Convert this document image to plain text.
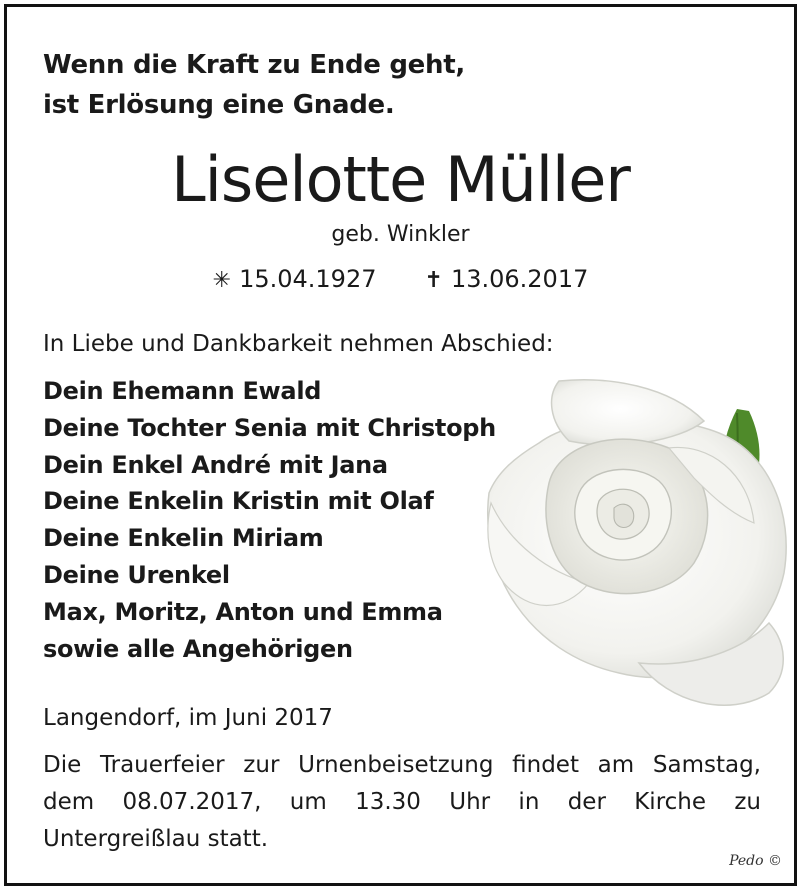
Wenn die Kraft zu Ende geht,
ist Erlösung eine Gnade.
Liselotte Müller
geb. Winkler
✳ 15.04.1927 ✝ 13.06.2017
In Liebe und Dankbarkeit nehmen Abschied:
Dein Ehemann Ewald
Deine Tochter Senia mit Christoph
Dein Enkel André mit Jana
Deine Enkelin Kristin mit Olaf
Deine Enkelin Miriam
Deine Urenkel
Max, Moritz, Anton und Emma
sowie alle Angehörigen
Langendorf, im Juni 2017
Die Trauerfeier zur Urnenbeisetzung findet am Samstag,
dem 08.07.2017, um 13.30 Uhr in der Kirche zu
Untergreißlau statt.
Pedo ©
